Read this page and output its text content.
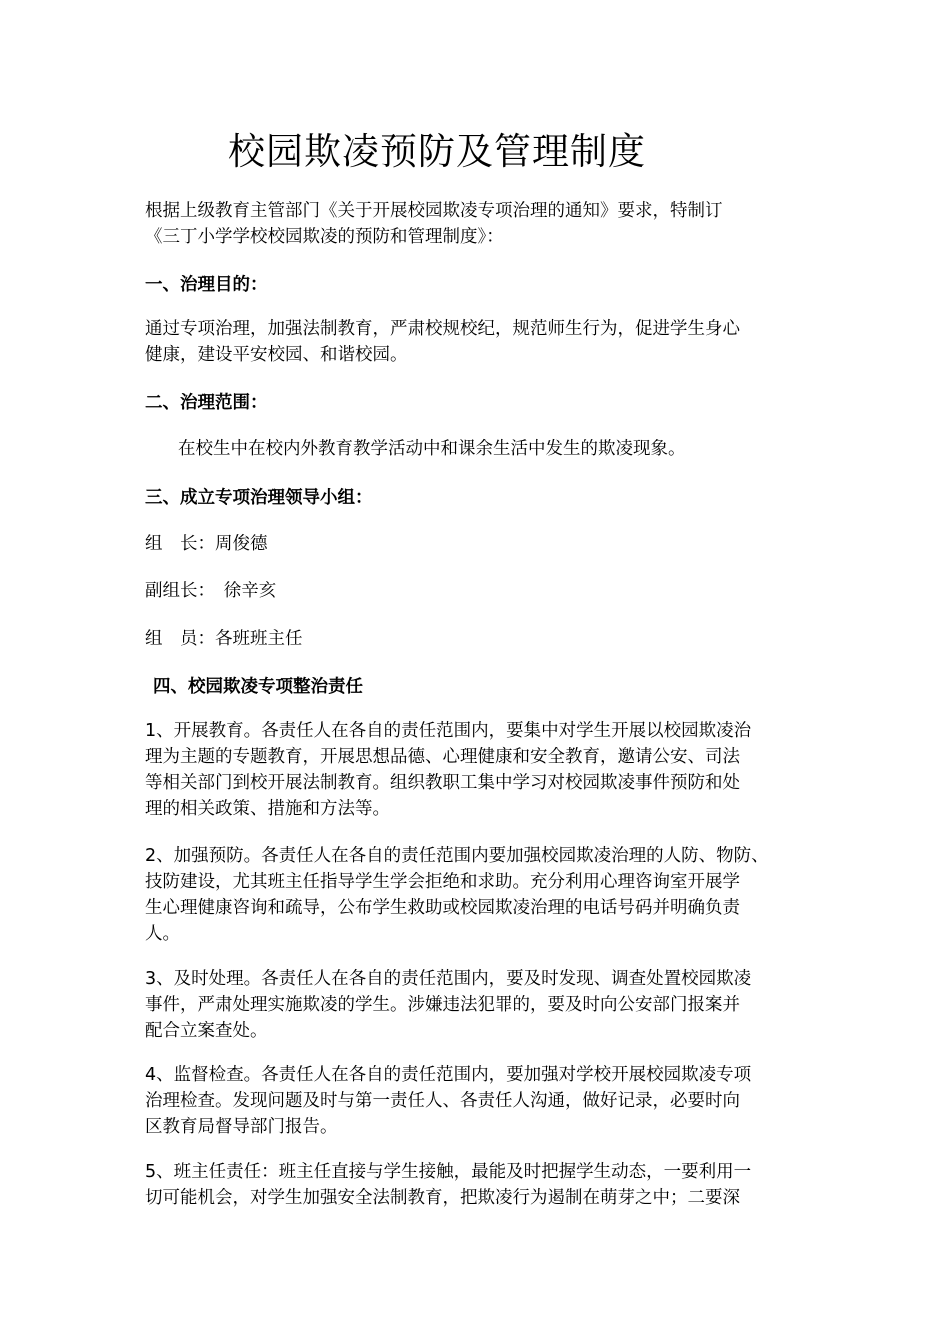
校园欺凌预防及管理制度

根据上级教育主管部门《关于开展校园欺凌专项治理的通知》要求，特制订
《三丁小学学校校园欺凌的预防和管理制度》：

一、治理目的：

通过专项治理，加强法制教育，严肃校规校纪，规范师生行为，促进学生身心
健康，建设平安校园、和谐校园。

二、治理范围：

在校生中在校内外教育教学活动中和课余生活中发生的欺凌现象。

三、成立专项治理领导小组：

组　长：周俊德

副组长：　徐辛亥

组　员：各班班主任

四、校园欺凌专项整治责任

1、开展教育。各责任人在各自的责任范围内，要集中对学生开展以校园欺凌治
理为主题的专题教育，开展思想品德、心理健康和安全教育，邀请公安、司法
等相关部门到校开展法制教育。组织教职工集中学习对校园欺凌事件预防和处
理的相关政策、措施和方法等。

2、加强预防。各责任人在各自的责任范围内要加强校园欺凌治理的人防、物防、
技防建设，尤其班主任指导学生学会拒绝和求助。充分利用心理咨询室开展学
生心理健康咨询和疏导，公布学生救助或校园欺凌治理的电话号码并明确负责
人。

3、及时处理。各责任人在各自的责任范围内，要及时发现、调查处置校园欺凌
事件，严肃处理实施欺凌的学生。涉嫌违法犯罪的，要及时向公安部门报案并
配合立案查处。

4、监督检查。各责任人在各自的责任范围内，要加强对学校开展校园欺凌专项
治理检查。发现问题及时与第一责任人、各责任人沟通，做好记录，必要时向
区教育局督导部门报告。

5、班主任责任：班主任直接与学生接触，最能及时把握学生动态，一要利用一
切可能机会，对学生加强安全法制教育，把欺凌行为遏制在萌芽之中；二要深
